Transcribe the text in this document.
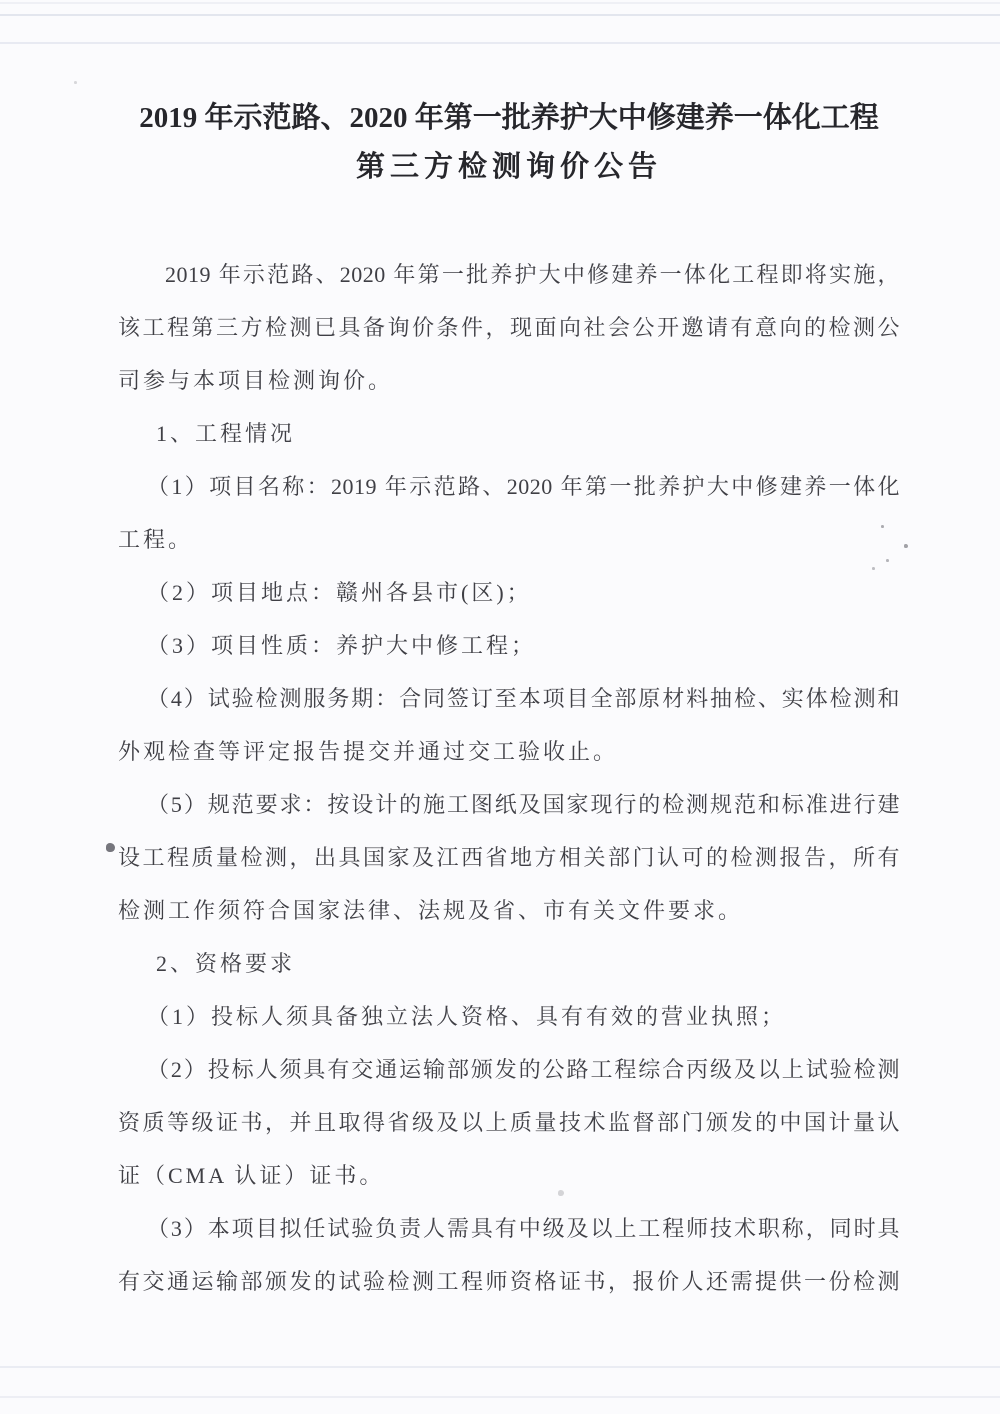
2019 年示范路、2020 年第一批养护大中修建养一体化工程
第三方检测询价公告
2019 年示范路、2020 年第一批养护大中修建养一体化工程即将实施，
该工程第三方检测已具备询价条件，现面向社会公开邀请有意向的检测公
司参与本项目检测询价。
1、工程情况
（1）项目名称：2019 年示范路、2020 年第一批养护大中修建养一体化
工程。
（2）项目地点：赣州各县市(区)；
（3）项目性质：养护大中修工程；
（4）试验检测服务期：合同签订至本项目全部原材料抽检、实体检测和
外观检查等评定报告提交并通过交工验收止。
（5）规范要求：按设计的施工图纸及国家现行的检测规范和标准进行建
设工程质量检测，出具国家及江西省地方相关部门认可的检测报告，所有
检测工作须符合国家法律、法规及省、市有关文件要求。
2、资格要求
（1）投标人须具备独立法人资格、具有有效的营业执照；
（2）投标人须具有交通运输部颁发的公路工程综合丙级及以上试验检测
资质等级证书，并且取得省级及以上质量技术监督部门颁发的中国计量认
证（CMA 认证）证书。
（3）本项目拟任试验负责人需具有中级及以上工程师技术职称，同时具
有交通运输部颁发的试验检测工程师资格证书，报价人还需提供一份检测
